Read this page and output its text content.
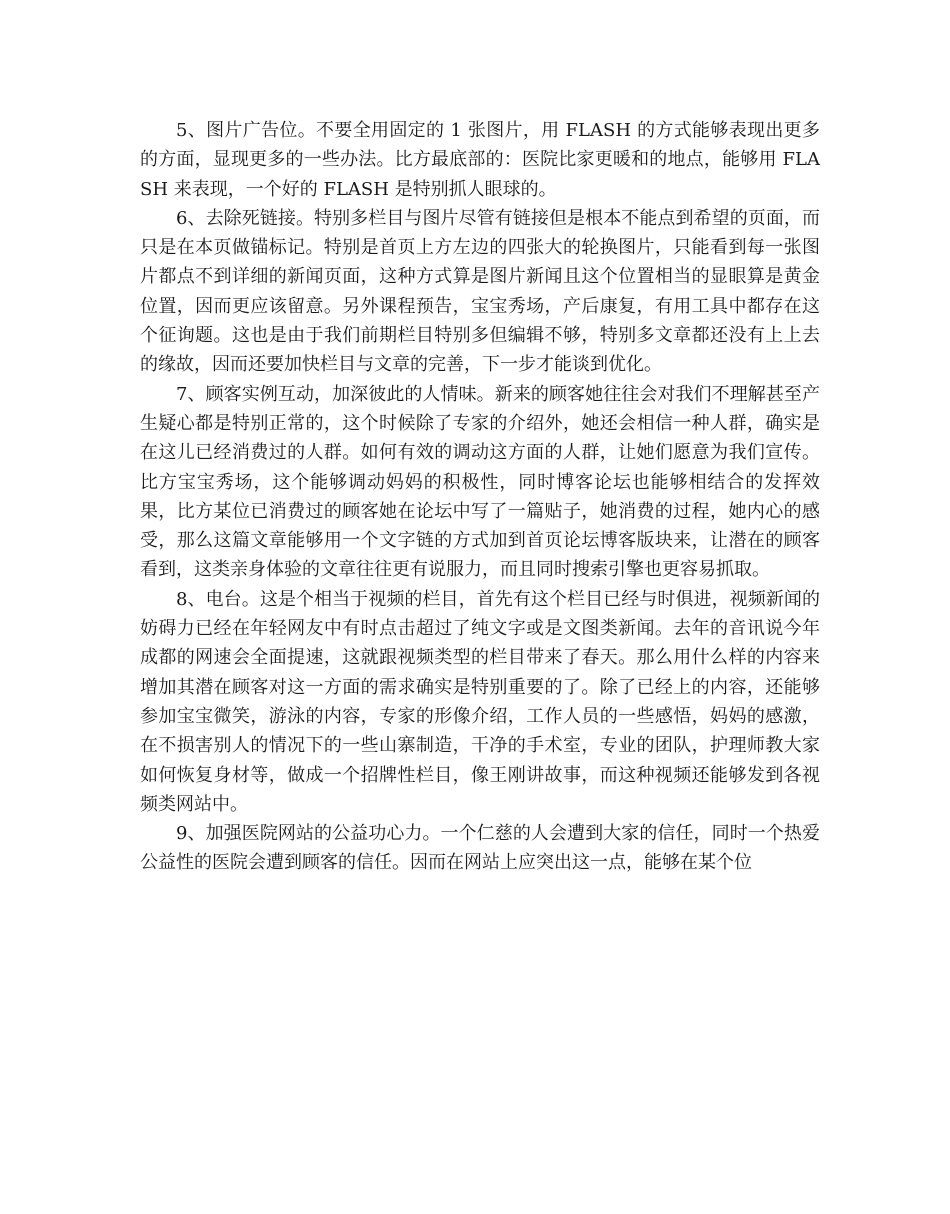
5、图片广告位。不要全用固定的 1 张图片，用 FLASH 的方式能够表现出更多的方面，显现更多的一些办法。比方最底部的：医院比家更暖和的地点，能够用 FLASH 来表现，一个好的 FLASH 是特别抓人眼球的。

6、去除死链接。特别多栏目与图片尽管有链接但是根本不能点到希望的页面，而只是在本页做锚标记。特别是首页上方左边的四张大的轮换图片，只能看到每一张图片都点不到详细的新闻页面，这种方式算是图片新闻且这个位置相当的显眼算是黄金位置，因而更应该留意。另外课程预告，宝宝秀场，产后康复，有用工具中都存在这个征询题。这也是由于我们前期栏目特别多但编辑不够，特别多文章都还没有上上去的缘故，因而还要加快栏目与文章的完善，下一步才能谈到优化。

7、顾客实例互动，加深彼此的人情味。新来的顾客她往往会对我们不理解甚至产生疑心都是特别正常的，这个时候除了专家的介绍外，她还会相信一种人群，确实是在这儿已经消费过的人群。如何有效的调动这方面的人群，让她们愿意为我们宣传。比方宝宝秀场，这个能够调动妈妈的积极性，同时博客论坛也能够相结合的发挥效果，比方某位已消费过的顾客她在论坛中写了一篇贴子，她消费的过程，她内心的感受，那么这篇文章能够用一个文字链的方式加到首页论坛博客版块来，让潜在的顾客看到，这类亲身体验的文章往往更有说服力，而且同时搜索引擎也更容易抓取。

8、电台。这是个相当于视频的栏目，首先有这个栏目已经与时俱进，视频新闻的妨碍力已经在年轻网友中有时点击超过了纯文字或是文图类新闻。去年的音讯说今年成都的网速会全面提速，这就跟视频类型的栏目带来了春天。那么用什么样的内容来增加其潜在顾客对这一方面的需求确实是特别重要的了。除了已经上的内容，还能够参加宝宝微笑，游泳的内容，专家的形像介绍，工作人员的一些感悟，妈妈的感激，在不损害别人的情况下的一些山寨制造，干净的手术室，专业的团队，护理师教大家如何恢复身材等，做成一个招牌性栏目，像王刚讲故事，而这种视频还能够发到各视频类网站中。

9、加强医院网站的公益功心力。一个仁慈的人会遭到大家的信任，同时一个热爱公益性的医院会遭到顾客的信任。因而在网站上应突出这一点，能够在某个位
